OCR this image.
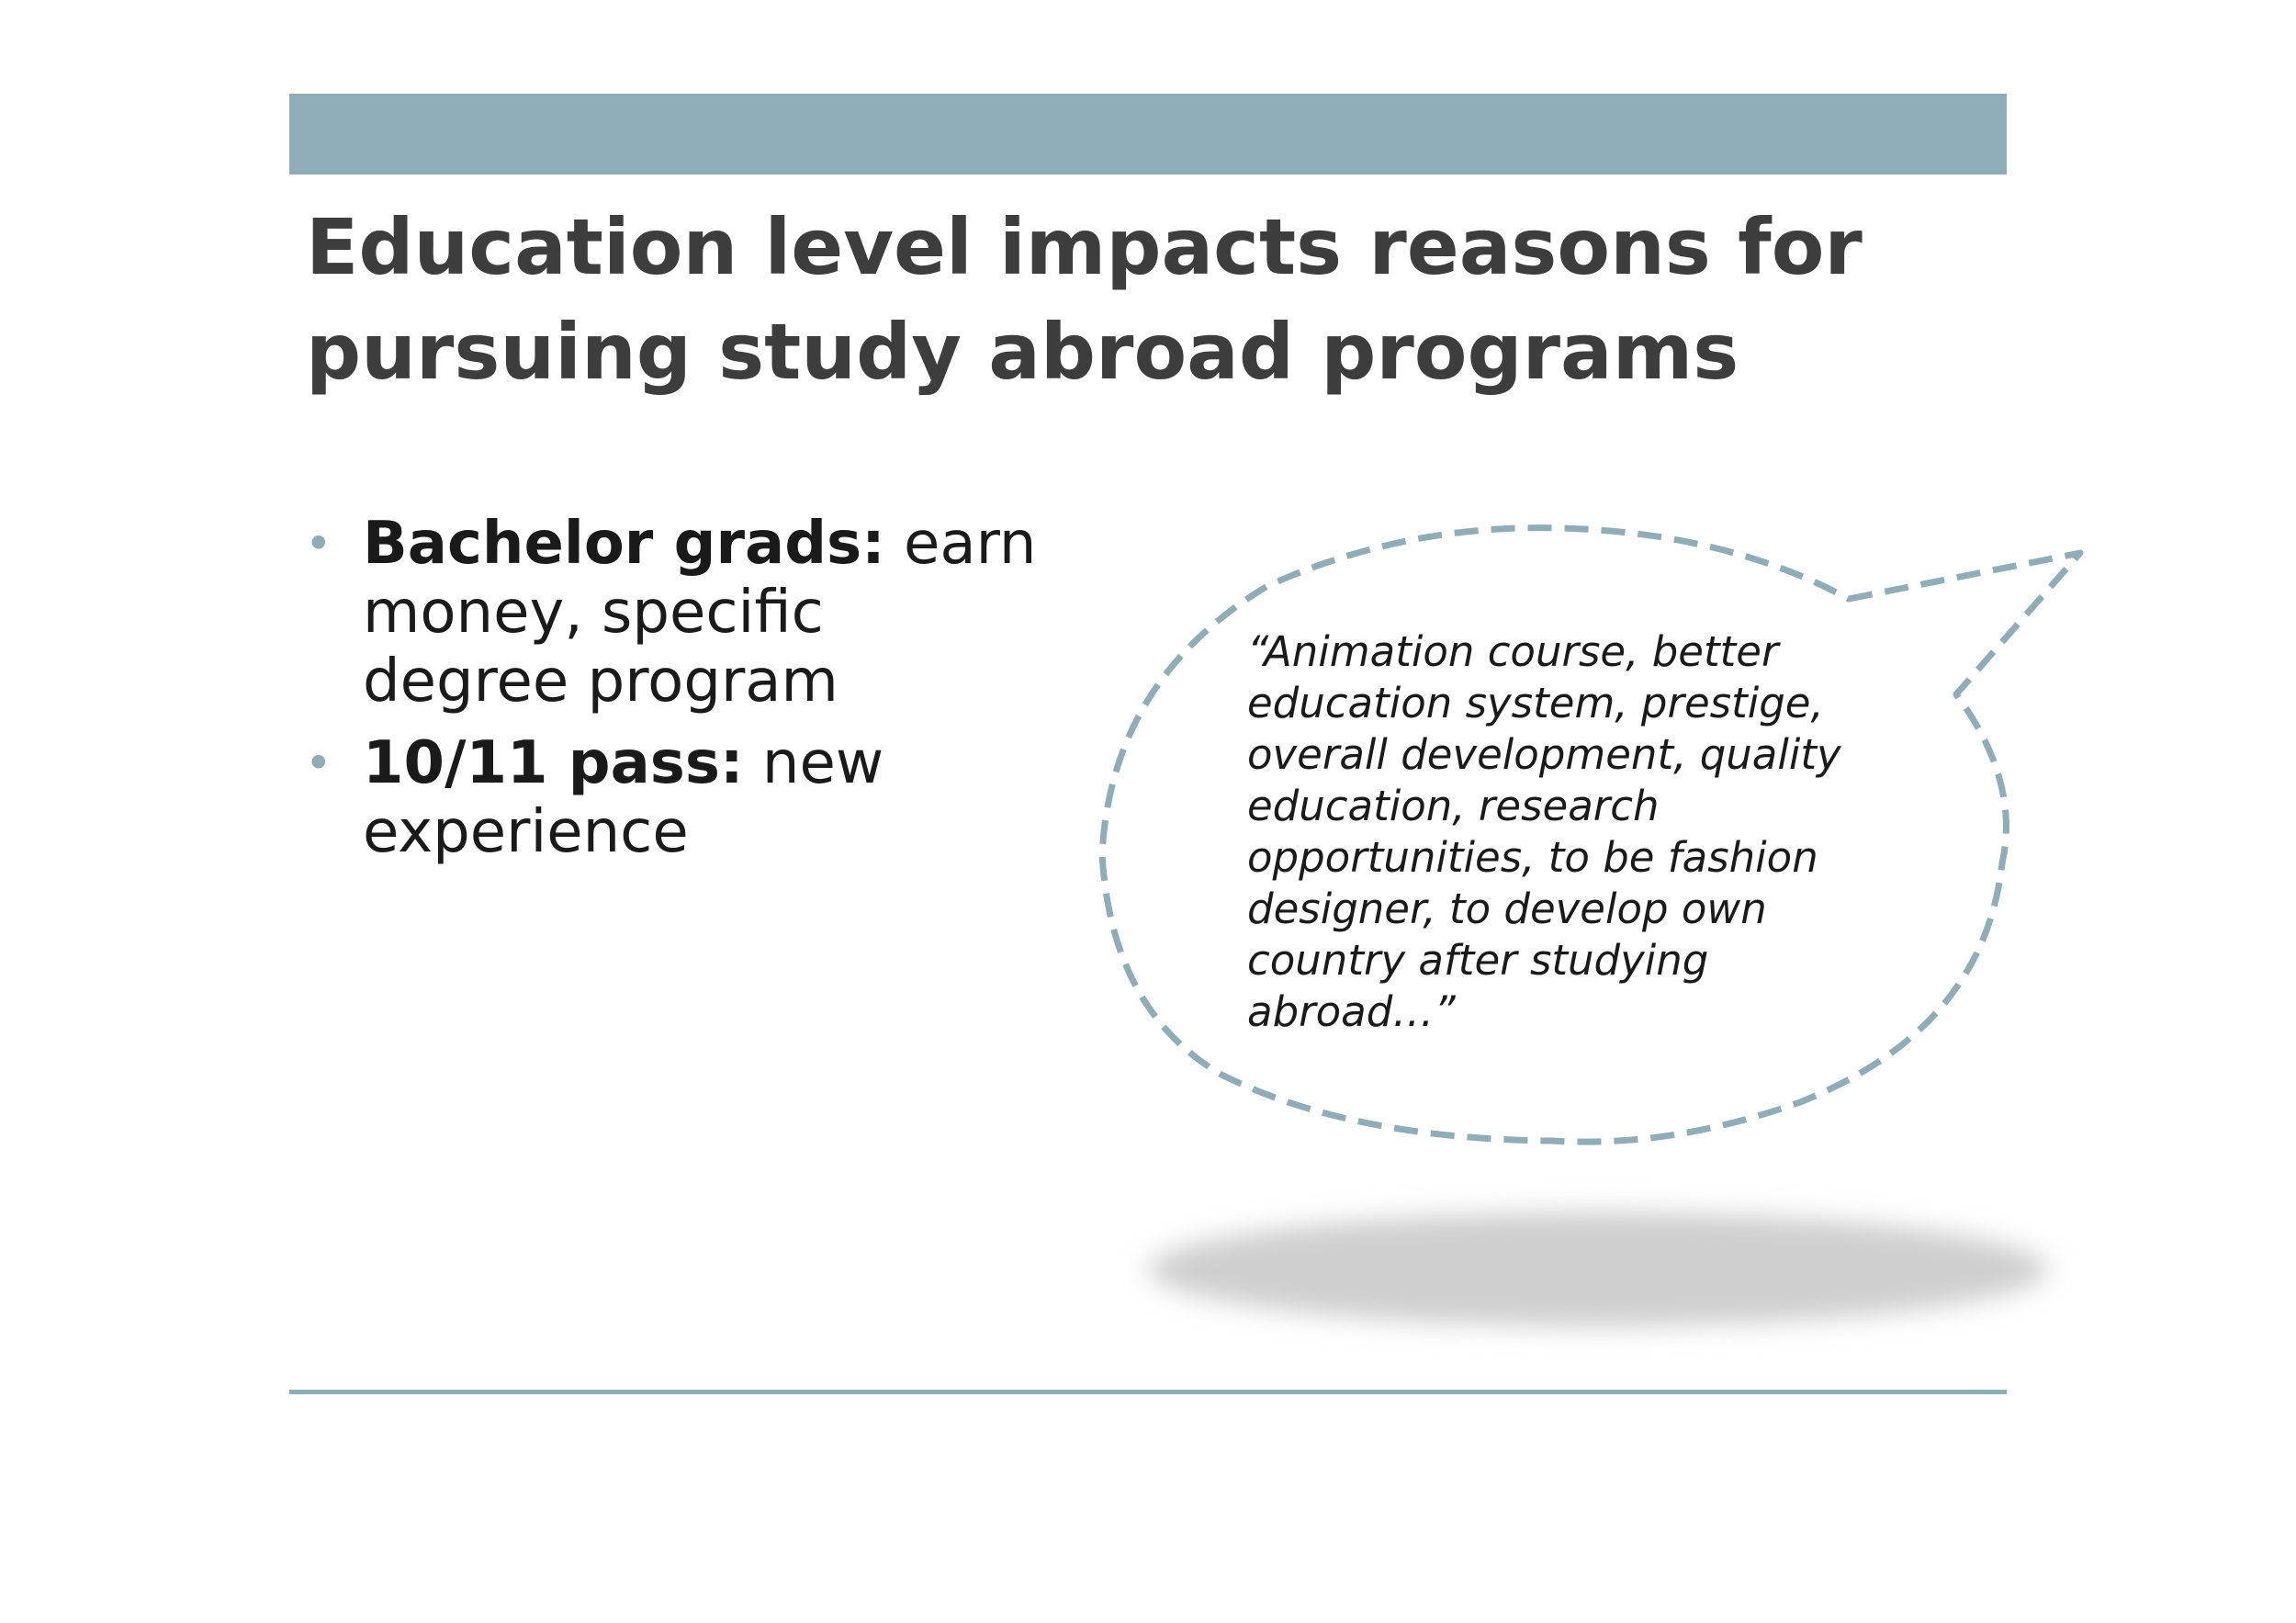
Education level impacts reasons for pursuing study abroad programs
• Bachelor grads: earn money, specific degree program
• 10/11 pass: new experience

“Animation course, better education system, prestige, overall development, quality education, research opportunities, to be fashion designer, to develop own country after studying abroad…”
